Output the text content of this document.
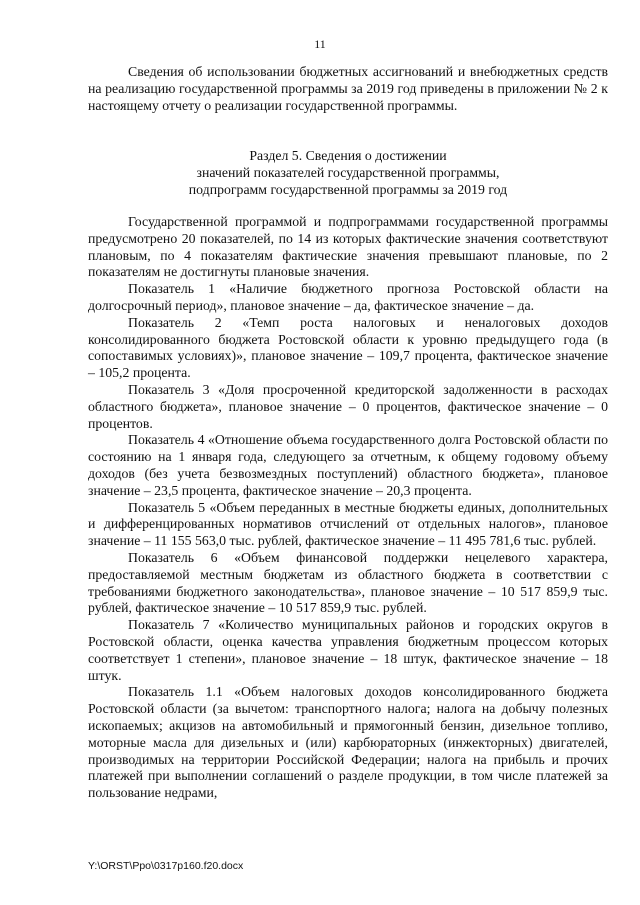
11

Сведения об использовании бюджетных ассигнований и внебюджетных средств на реализацию государственной программы за 2019 год приведены в приложении № 2 к настоящему отчету о реализации государственной программы.

Раздел 5. Сведения о достижении
значений показателей государственной программы,
подпрограмм государственной программы за 2019 год

Государственной программой и подпрограммами государственной программы предусмотрено 20 показателей, по 14 из которых фактические значения соответствуют плановым, по 4 показателям фактические значения превышают плановые, по 2 показателям не достигнуты плановые значения.

Показатель 1 «Наличие бюджетного прогноза Ростовской области на долгосрочный период», плановое значение – да, фактическое значение – да.

Показатель 2 «Темп роста налоговых и неналоговых доходов консолидированного бюджета Ростовской области к уровню предыдущего года (в сопоставимых условиях)», плановое значение – 109,7 процента, фактическое значение – 105,2 процента.

Показатель 3 «Доля просроченной кредиторской задолженности в расходах областного бюджета», плановое значение – 0 процентов, фактическое значение – 0 процентов.

Показатель 4 «Отношение объема государственного долга Ростовской области по состоянию на 1 января года, следующего за отчетным, к общему годовому объему доходов (без учета безвозмездных поступлений) областного бюджета», плановое значение – 23,5 процента, фактическое значение – 20,3 процента.

Показатель 5 «Объем переданных в местные бюджеты единых, дополнительных и дифференцированных нормативов отчислений от отдельных налогов», плановое значение – 11 155 563,0 тыс. рублей, фактическое значение – 11 495 781,6 тыс. рублей.

Показатель 6 «Объем финансовой поддержки нецелевого характера, предоставляемой местным бюджетам из областного бюджета в соответствии с требованиями бюджетного законодательства», плановое значение – 10 517 859,9 тыс. рублей, фактическое значение – 10 517 859,9 тыс. рублей.

Показатель 7 «Количество муниципальных районов и городских округов в Ростовской области, оценка качества управления бюджетным процессом которых соответствует 1 степени», плановое значение – 18 штук, фактическое значение – 18 штук.

Показатель 1.1 «Объем налоговых доходов консолидированного бюджета Ростовской области (за вычетом: транспортного налога; налога на добычу полезных ископаемых; акцизов на автомобильный и прямогонный бензин, дизельное топливо, моторные масла для дизельных и (или) карбюраторных (инжекторных) двигателей, производимых на территории Российской Федерации; налога на прибыль и прочих платежей при выполнении соглашений о разделе продукции, в том числе платежей за пользование недрами,

Y:\ORST\Ppo\0317p160.f20.docx
